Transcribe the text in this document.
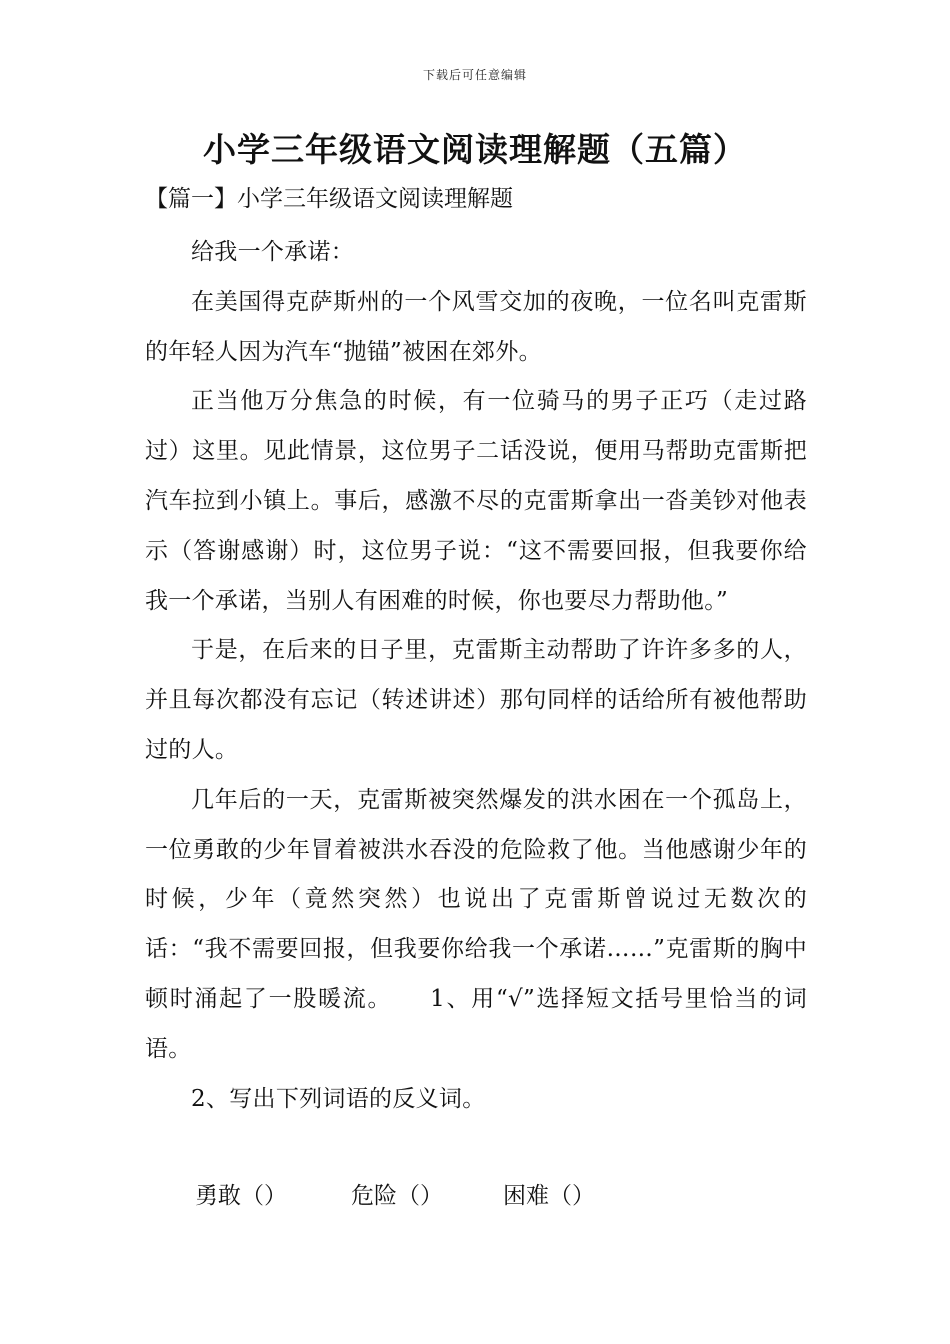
下载后可任意编辑
小学三年级语文阅读理解题（五篇）
【篇一】小学三年级语文阅读理解题

给我一个承诺：

在美国得克萨斯州的一个风雪交加的夜晚，一位名叫克雷斯的年轻人因为汽车“抛锚”被困在郊外。

正当他万分焦急的时候，有一位骑马的男子正巧（走过路过）这里。见此情景，这位男子二话没说，便用马帮助克雷斯把汽车拉到小镇上。事后，感激不尽的克雷斯拿出一沓美钞对他表示（答谢感谢）时，这位男子说：“这不需要回报，但我要你给我一个承诺，当别人有困难的时候，你也要尽力帮助他。”

于是，在后来的日子里，克雷斯主动帮助了许许多多的人，并且每次都没有忘记（转述讲述）那句同样的话给所有被他帮助过的人。

几年后的一天，克雷斯被突然爆发的洪水困在一个孤岛上，一位勇敢的少年冒着被洪水吞没的危险救了他。当他感谢少年的时候，少年（竟然突然）也说出了克雷斯曾说过无数次的话：“我不需要回报，但我要你给我一个承诺……”克雷斯的胸中顿时涌起了一股暖流。　　1、用“√”选择短文括号里恰当的词语。

2、写出下列词语的反义词。

勇敢（）	危险（）	困难（）
